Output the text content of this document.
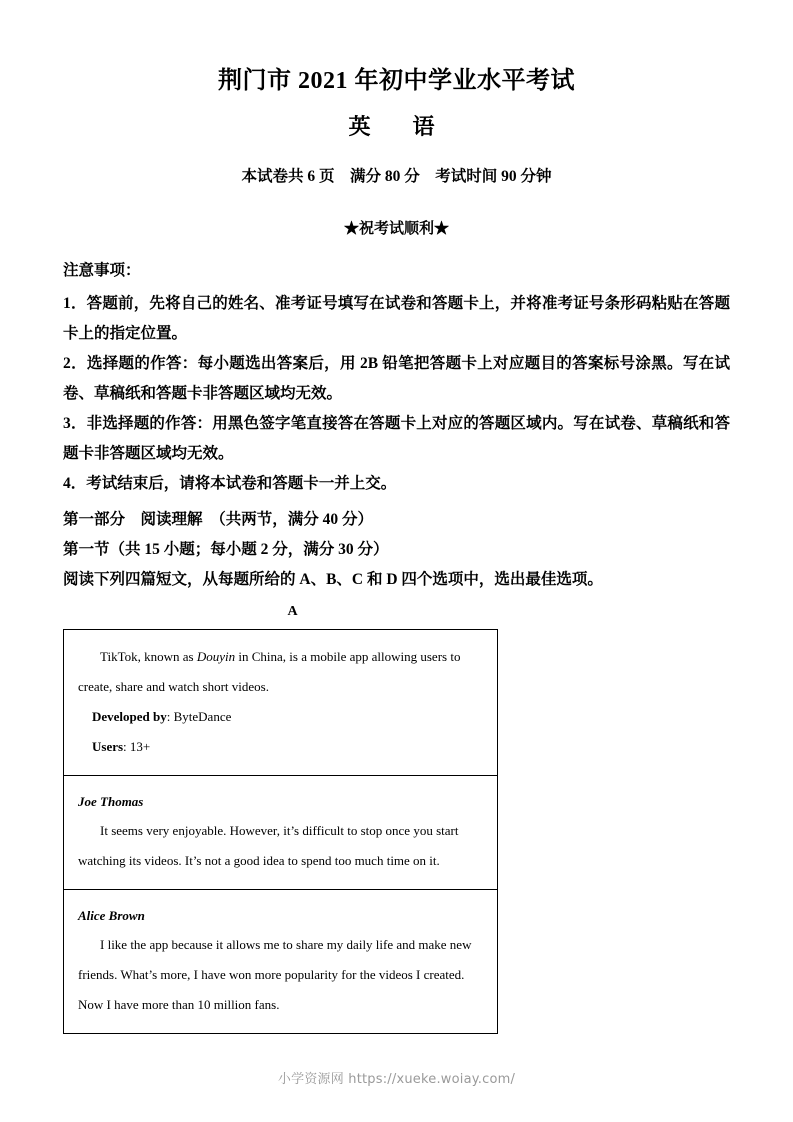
荆门市 2021 年初中学业水平考试
英　语

本试卷共 6 页　满分 80 分　考试时间 90 分钟

★祝考试顺利★

注意事项：

1．答题前，先将自己的姓名、准考证号填写在试卷和答题卡上，并将准考证号条形码粘贴在答题卡上的指定位置。

2．选择题的作答：每小题选出答案后，用 2B 铅笔把答题卡上对应题目的答案标号涂黑。写在试卷、草稿纸和答题卡非答题区域均无效。

3．非选择题的作答：用黑色签字笔直接答在答题卡上对应的答题区域内。写在试卷、草稿纸和答题卡非答题区域均无效。

4．考试结束后，请将本试卷和答题卡一并上交。

第一部分　阅读理解　（共两节，满分 40 分）

第一节（共 15 小题；每小题 2 分，满分 30 分）

阅读下列四篇短文，从每题所给的 A、B、C 和 D 四个选项中，选出最佳选项。

A

TikTok, known as Douyin in China, is a mobile app allowing users to create, share and watch short videos.

Developed by: ByteDance

Users: 13+

Joe Thomas

It seems very enjoyable. However, it’s difficult to stop once you start watching its videos. It’s not a good idea to spend too much time on it.

Alice Brown

I like the app because it allows me to share my daily life and make new friends. What’s more, I have won more popularity for the videos I created. Now I have more than 10 million fans.

小学资源网 https://xueke.woiay.com/
